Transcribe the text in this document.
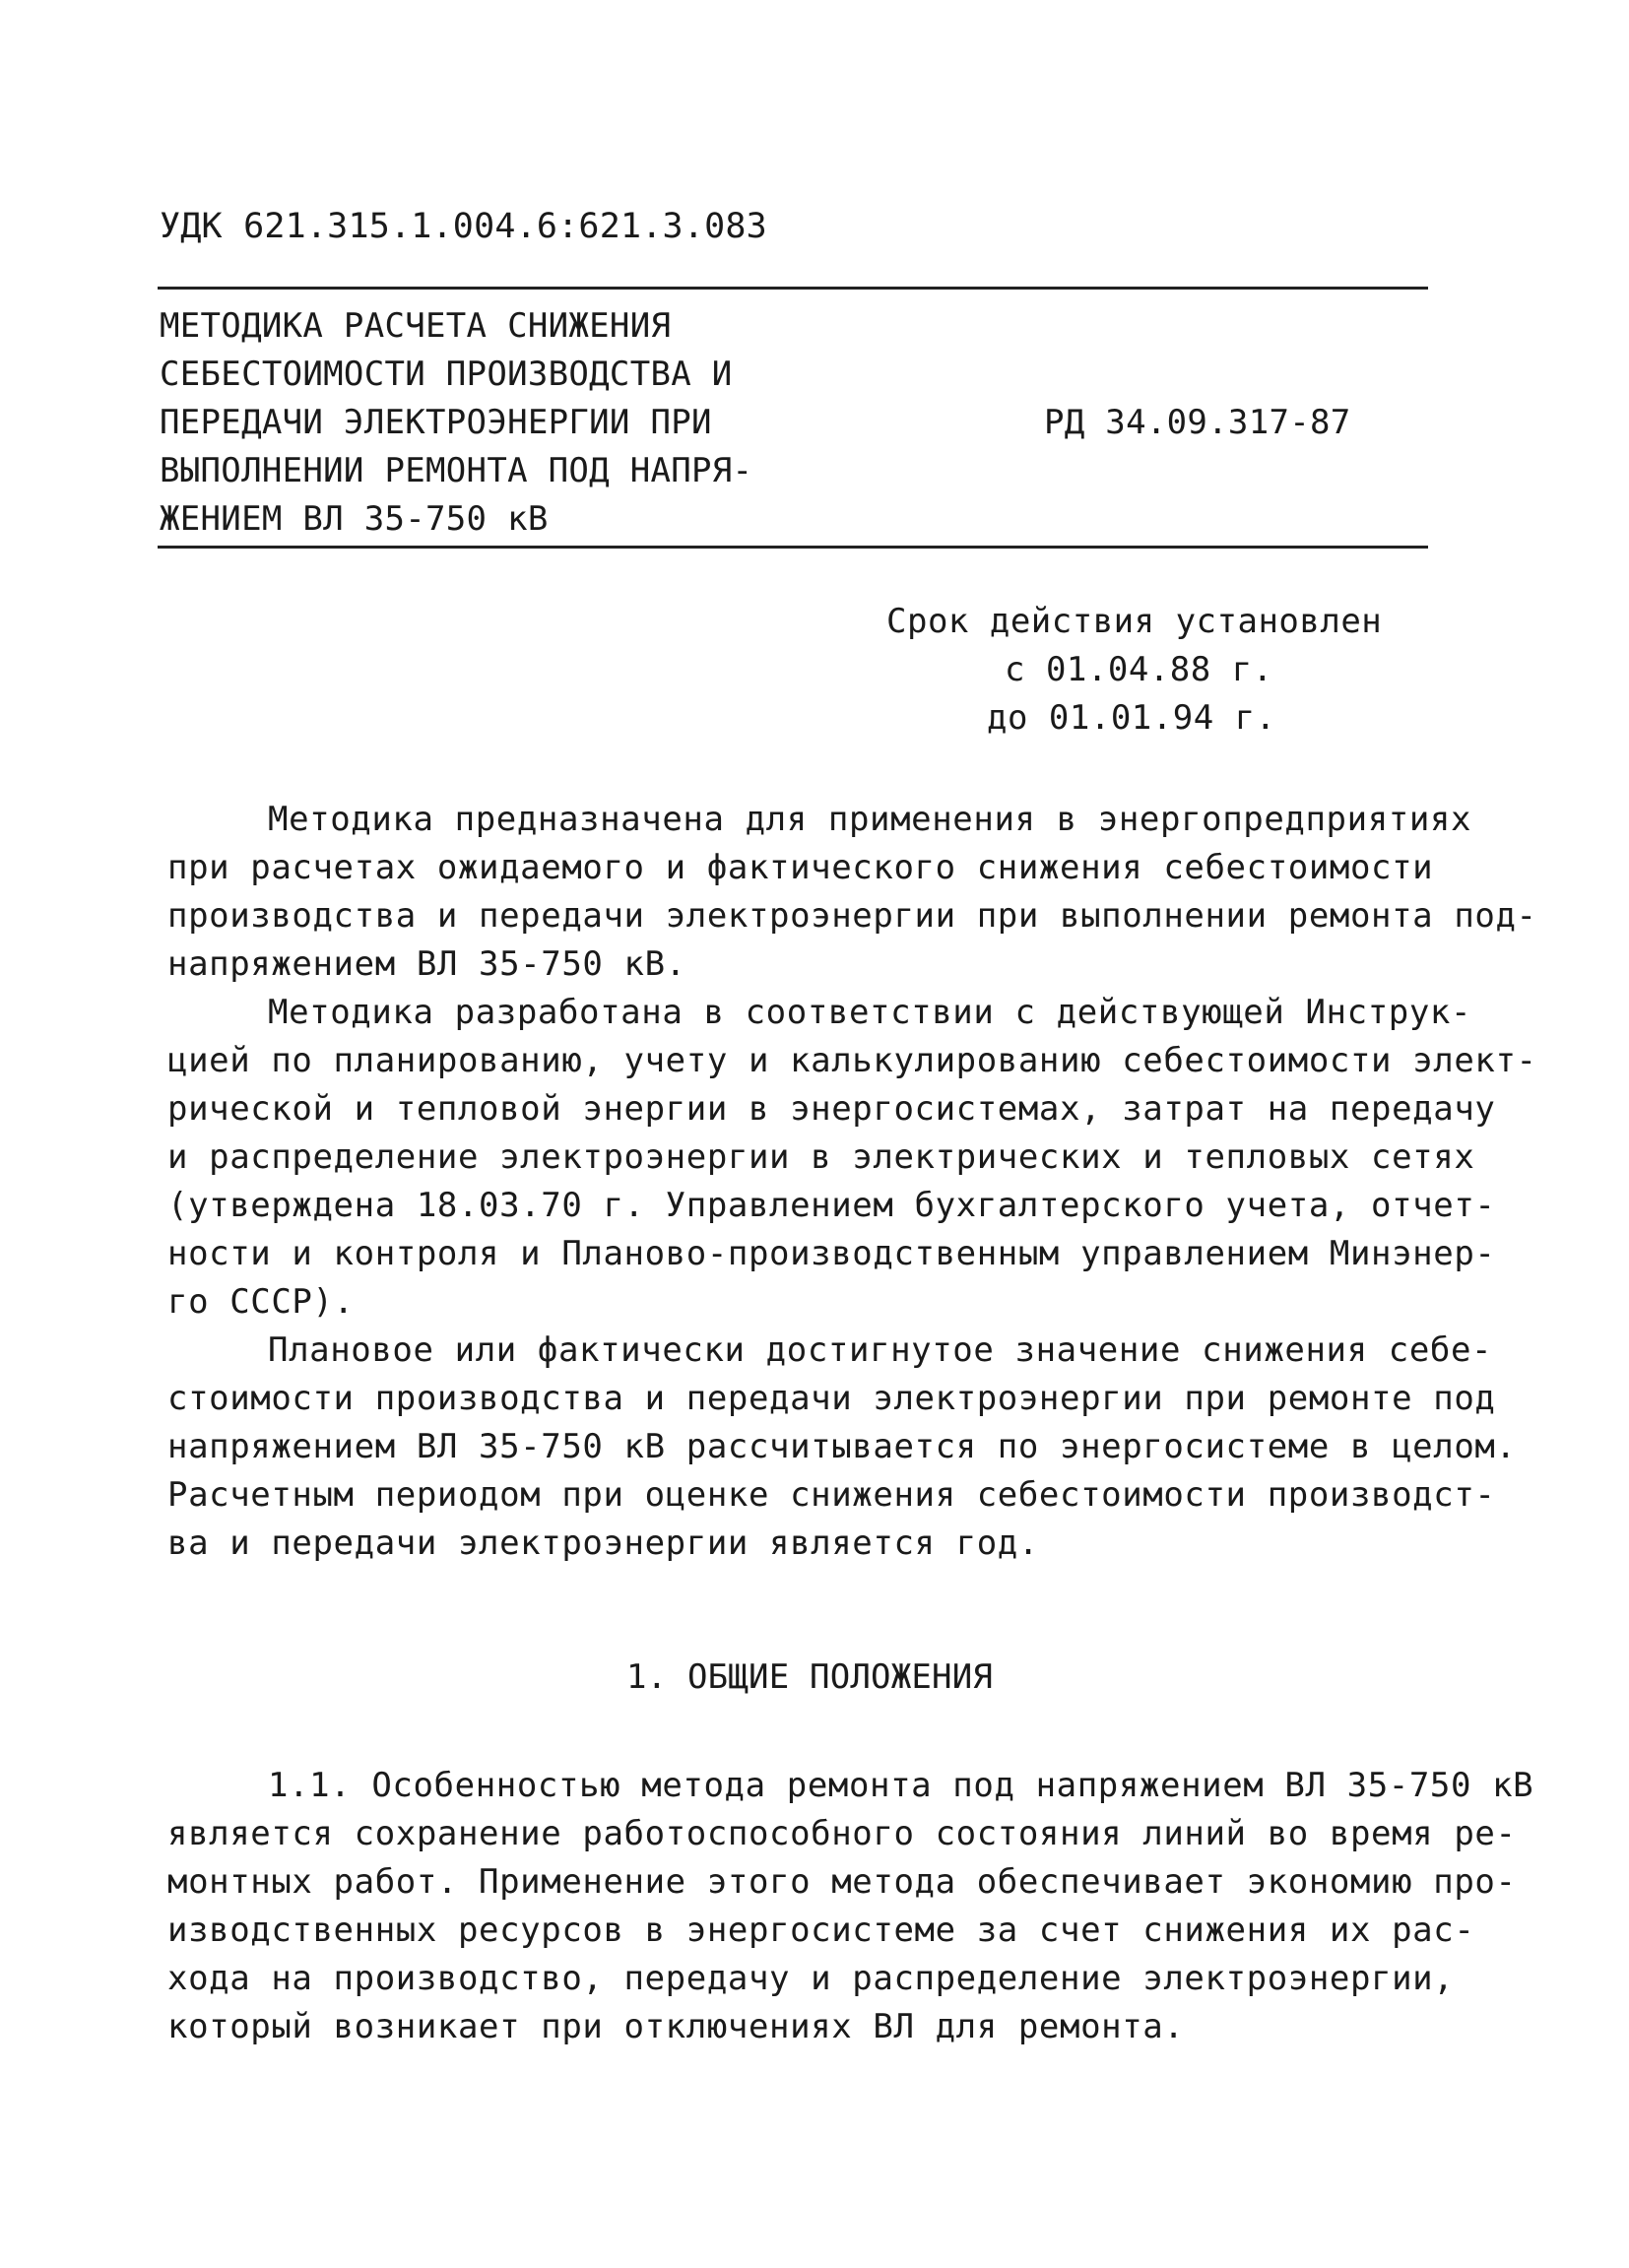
УДК 621.315.1.004.6:621.3.083
МЕТОДИКА РАСЧЕТА СНИЖЕНИЯ
СЕБЕСТОИМОСТИ ПРОИЗВОДСТВА И
ПЕРЕДАЧИ ЭЛЕКТРОЭНЕРГИИ ПРИ
ВЫПОЛНЕНИИ РЕМОНТА ПОД НАПРЯ-
ЖЕНИЕМ ВЛ 35-750 кВ
РД 34.09.317-87
Срок действия установлен
с 01.04.88 г.
до 01.01.94 г.
Методика предназначена для применения в энергопредприятиях
при расчетах ожидаемого и фактического снижения себестоимости
производства и передачи электроэнергии при выполнении ремонта под-
напряжением ВЛ 35-750 кВ.
Методика разработана в соответствии с действующей Инструк-
цией по планированию, учету и калькулированию себестоимости элект-
рической и тепловой энергии в энергосистемах, затрат на передачу
и распределение электроэнергии в электрических и тепловых сетях
(утверждена 18.03.70 г. Управлением бухгалтерского учета, отчет-
ности и контроля и Планово-производственным управлением Минэнер-
го СССР).
Плановое или фактически достигнутое значение снижения себе-
стоимости производства и передачи электроэнергии при ремонте под
напряжением ВЛ 35-750 кВ рассчитывается по энергосистеме в целом.
Расчетным периодом при оценке снижения себестоимости производст-
ва и передачи электроэнергии является год.
1. ОБЩИЕ ПОЛОЖЕНИЯ
1.1. Особенностью метода ремонта под напряжением ВЛ 35-750 кВ
является сохранение работоспособного состояния линий во время ре-
монтных работ. Применение этого метода обеспечивает экономию про-
изводственных ресурсов в энергосистеме за счет снижения их рас-
хода на производство, передачу и распределение электроэнергии,
который возникает при отключениях ВЛ для ремонта.
